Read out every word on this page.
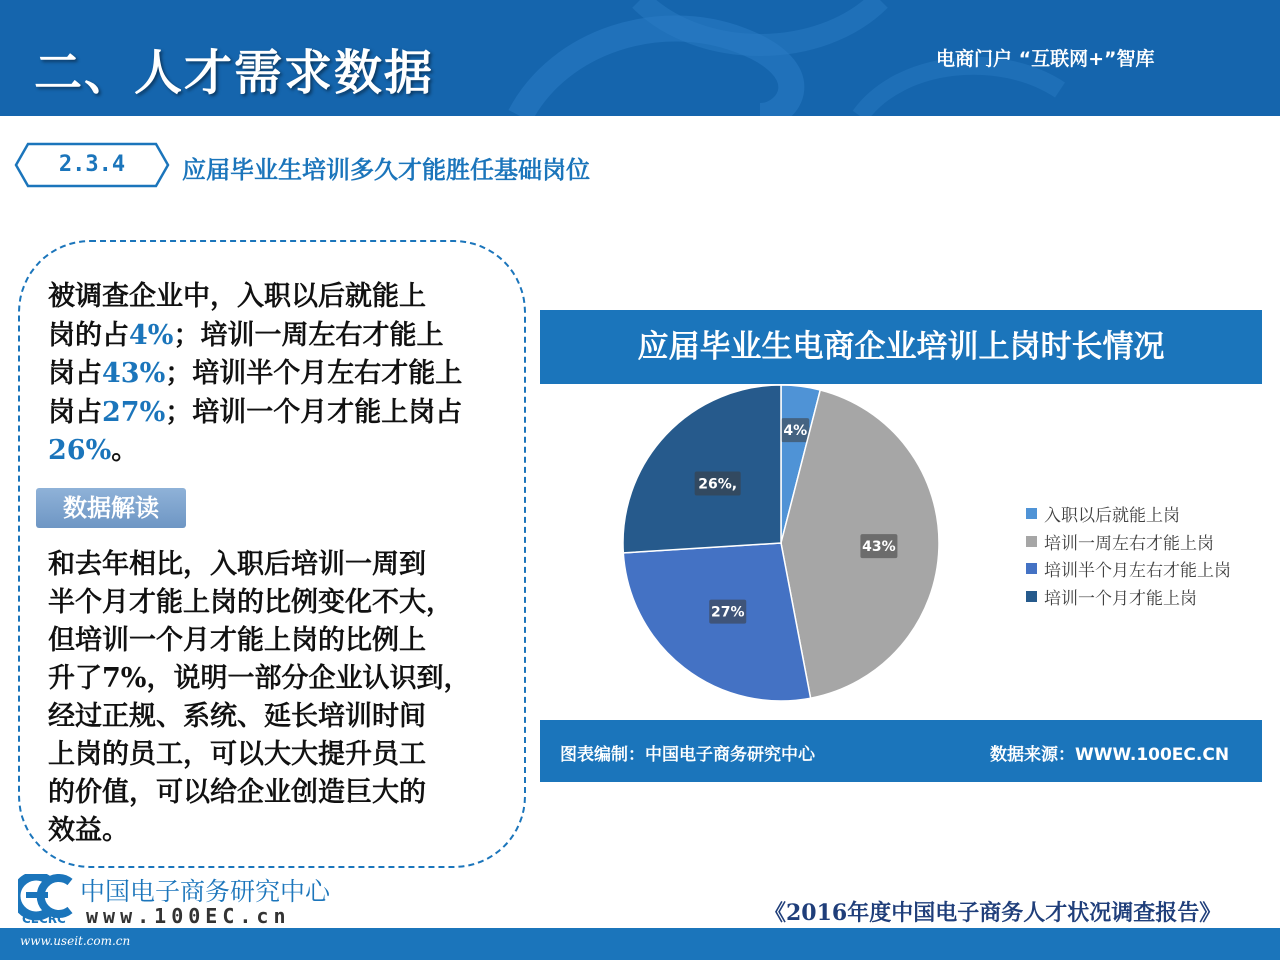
二、人才需求数据	电商门户 “互联网+”智库
2.3.4	应届毕业生培训多久才能胜任基础岗位
被调查企业中，入职以后就能上
岗的占4%；培训一周左右才能上
岗占43%；培训半个月左右才能上
岗占27%；培训一个月才能上岗占
26%。
数据解读
和去年相比，入职后培训一周到
半个月才能上岗的比例变化不大，
但培训一个月才能上岗的比例上
升了7%，说明一部分企业认识到，
经过正规、系统、延长培训时间
上岗的员工，可以大大提升员工
的价值，可以给企业创造巨大的
效益。
应届毕业生电商企业培训上岗时长情况
4%
43%
27%
26%,
入职以后就能上岗
培训一周左右才能上岗
培训半个月左右才能上岗
培训一个月才能上岗
图表编制：中国电子商务研究中心	数据来源：WWW.100EC.CN
中国电子商务研究中心
www.100EC.cn
CECRC	《2016年度中国电子商务人才状况调查报告》
www.useit.com.cn
